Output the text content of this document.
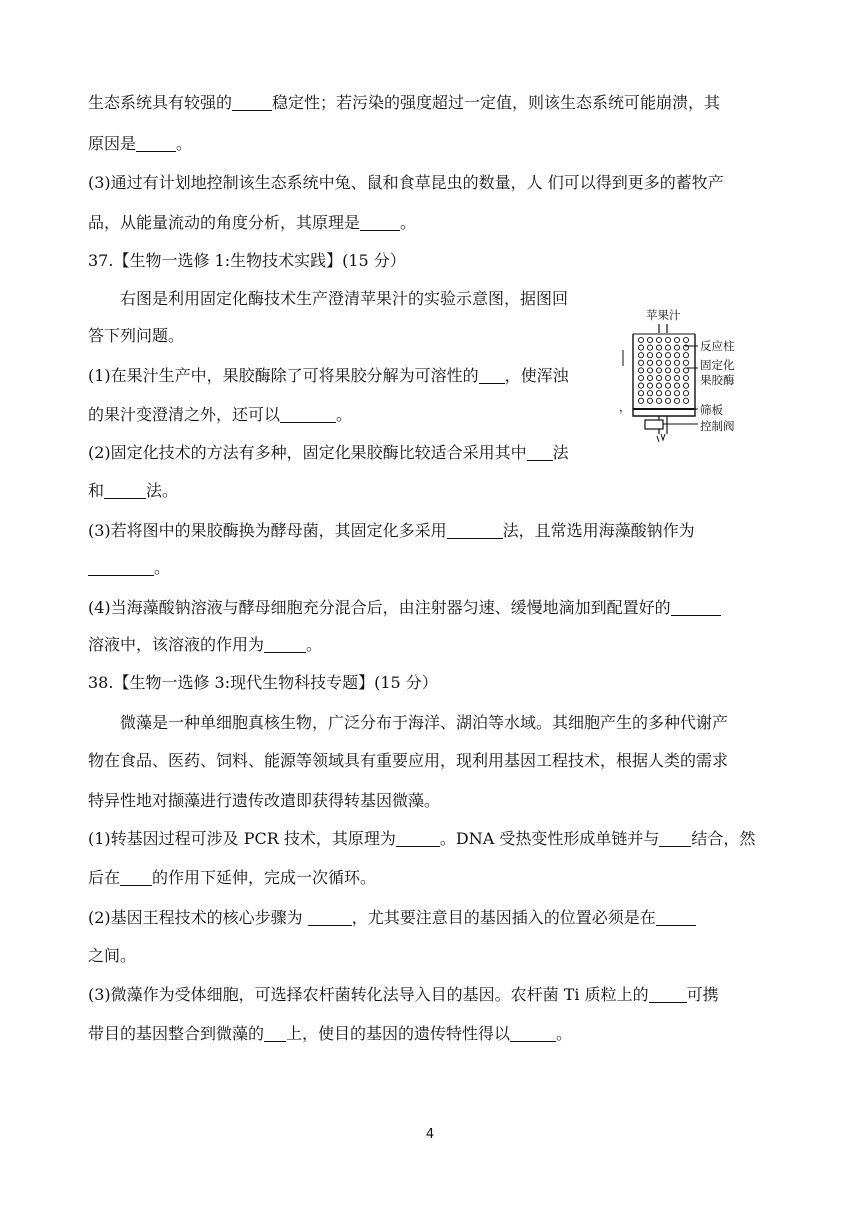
生态系统具有较强的	稳定性；若污染的强度超过一定值，则该生态系统可能崩溃，其
原因是	。
(3)通过有计划地控制该生态系统中兔、鼠和食草昆虫的数量，人 们可以得到更多的蓄牧产
品，从能量流动的角度分析，其原理是	。
37.【生物一选修 1:生物技术实践】(15 分）
右图是利用固定化酶技术生产澄清苹果汁的实验示意图，据图回
答下列问题。
(1)在果汁生产中，果胶酶除了可将果胶分解为可溶性的 ，使浑浊
的果汁变澄清之外，还可以	。
(2)固定化技术的方法有多种，固定化果胶酶比较适合采用其中 法
和	法。
(3)若将图中的果胶酶换为酵母菌，其固定化多采用	法，且常选用海藻酸钠作为
。
(4)当海藻酸钠溶液与酵母细胞充分混合后，由注射器匀速、缓慢地滴加到配置好的
溶液中，该溶液的作用为	。
38.【生物一选修 3:现代生物科技专题】(15 分）
微藻是一种单细胞真核生物，广泛分布于海洋、湖泊等水域。其细胞产生的多种代谢产
物在食品、医药、饲料、能源等领域具有重要应用，现利用基因工程技术，根据人类的需求
特异性地对撷藻进行遗传改遣即获得转基因微藻。
(1)转基因过程可涉及 PCR 技术，其原理为	。DNA 受热变性形成单链并与 结合，然
后在 的作用下延伸，完成一次循环。
(2)基因王程技术的核心步骤为	，尤其要注意目的基因插入的位置必须是在
之间。
(3)微藻作为受体细胞，可选择农杆菌转化法导入目的基因。农杆菌 Ti 质粒上的 可携
带目的基因整合到微藻的 上，使目的基因的遗传特性得以	。
苹果汁
反应柱
固定化
果胶酶
筛板
控制阀
，
4
